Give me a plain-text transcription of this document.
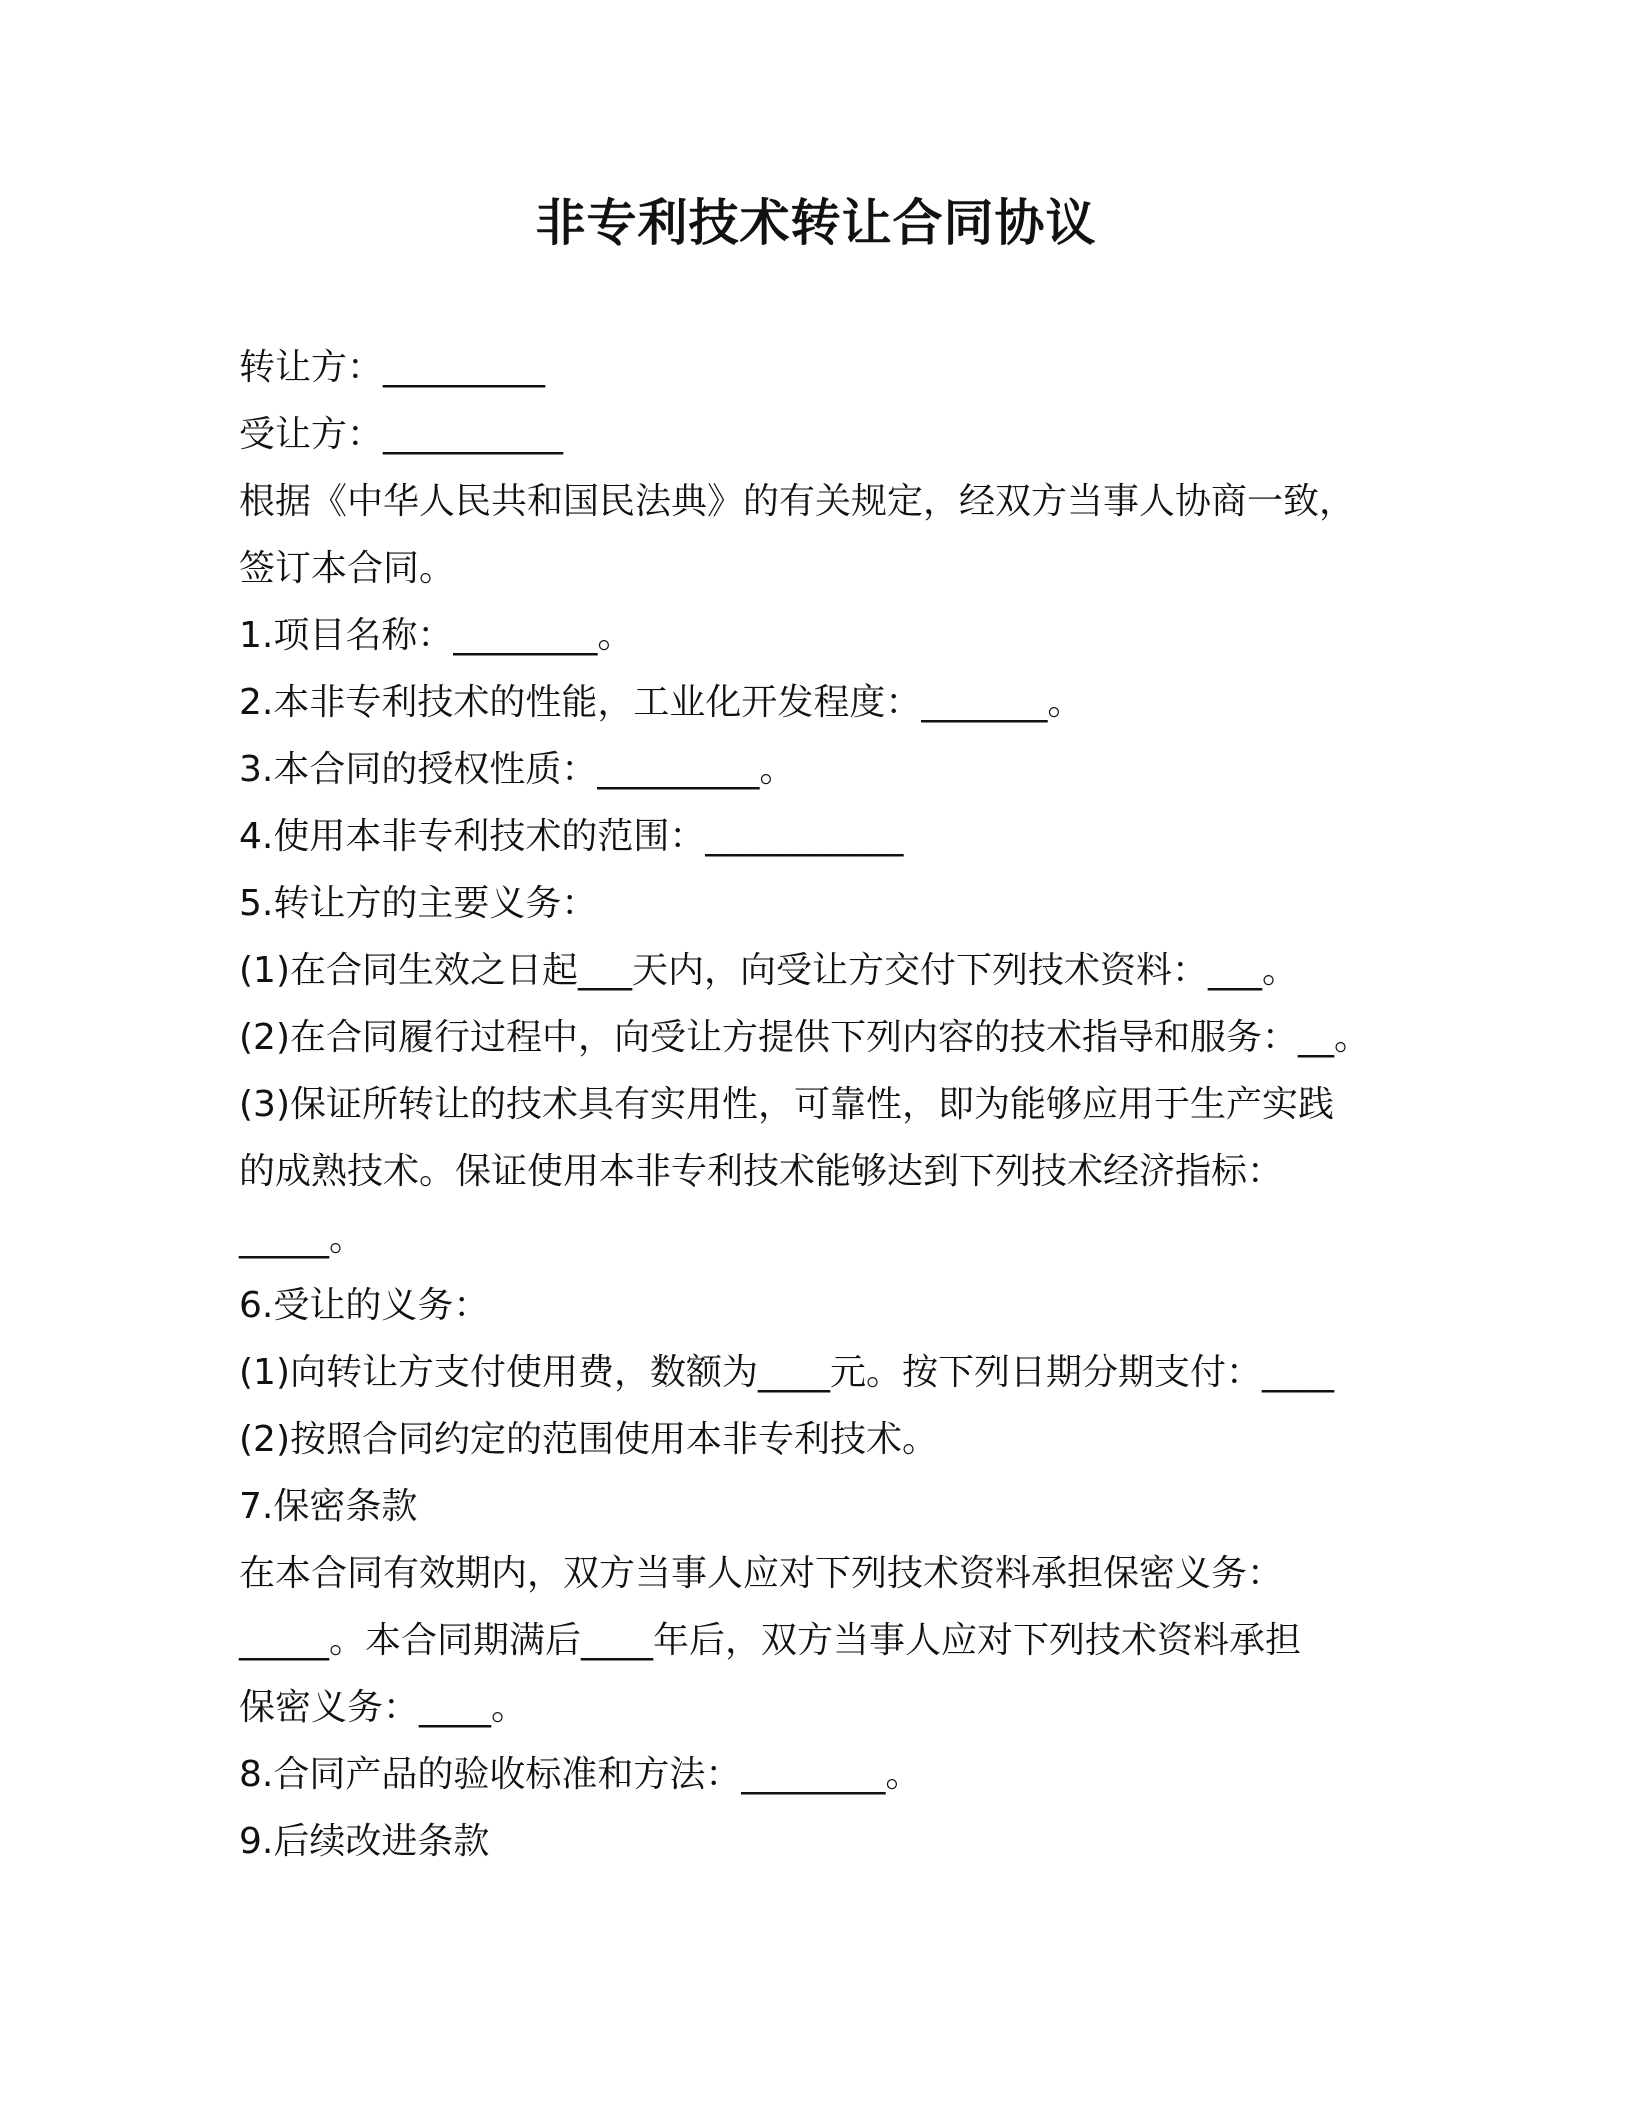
非专利技术转让合同协议
转让方：_________
受让方：__________
根据《中华人民共和国民法典》的有关规定，经双方当事人协商一致，
签订本合同。
1.项目名称：________。
2.本非专利技术的性能，工业化开发程度：_______。
3.本合同的授权性质：_________。
4.使用本非专利技术的范围：___________
5.转让方的主要义务：
(1)在合同生效之日起___天内，向受让方交付下列技术资料：___。
(2)在合同履行过程中，向受让方提供下列内容的技术指导和服务：__。
(3)保证所转让的技术具有实用性，可靠性，即为能够应用于生产实践
的成熟技术。保证使用本非专利技术能够达到下列技术经济指标：
_____。
6.受让的义务：
(1)向转让方支付使用费，数额为____元。按下列日期分期支付：____
(2)按照合同约定的范围使用本非专利技术。
7.保密条款
在本合同有效期内，双方当事人应对下列技术资料承担保密义务：
_____。本合同期满后____年后，双方当事人应对下列技术资料承担
保密义务：____。
8.合同产品的验收标准和方法：________。
9.后续改进条款
